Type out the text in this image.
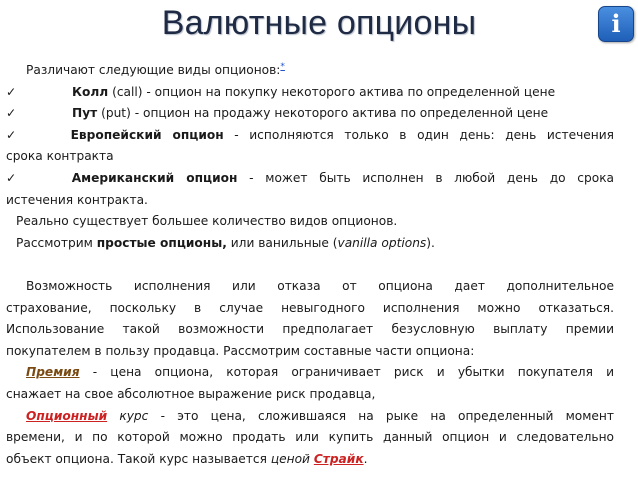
Валютные опционы	i
Различают следующие виды опционов:*
✓	Колл (call) - опцион на покупку некоторого актива по определенной цене
✓	Пут (put) - опцион на продажу некоторого актива по определенной цене
✓	Европейский опцион - исполняются только в один день: день истечения
срока контракта
✓	Американский опцион - может быть исполнен в любой день до срока
истечения контракта.
Реально существует большее количество видов опционов.
Рассмотрим простые опционы, или ванильные (vanilla options).
Возможность исполнения или отказа от опциона дает дополнительное
страхование, поскольку в случае невыгодного исполнения можно отказаться.
Использование такой возможности предполагает безусловную выплату премии
покупателем в пользу продавца. Рассмотрим составные части опциона:
Премия - цена опциона, которая ограничивает риск и убытки покупателя и
снажает на свое абсолютное выражение риск продавца,
Опционный курс - это цена, сложившаяся на рыке на определенный момент
времени, и по которой можно продать или купить данный опцион и следовательно
объект опциона. Такой курс называется ценой Страйк.
